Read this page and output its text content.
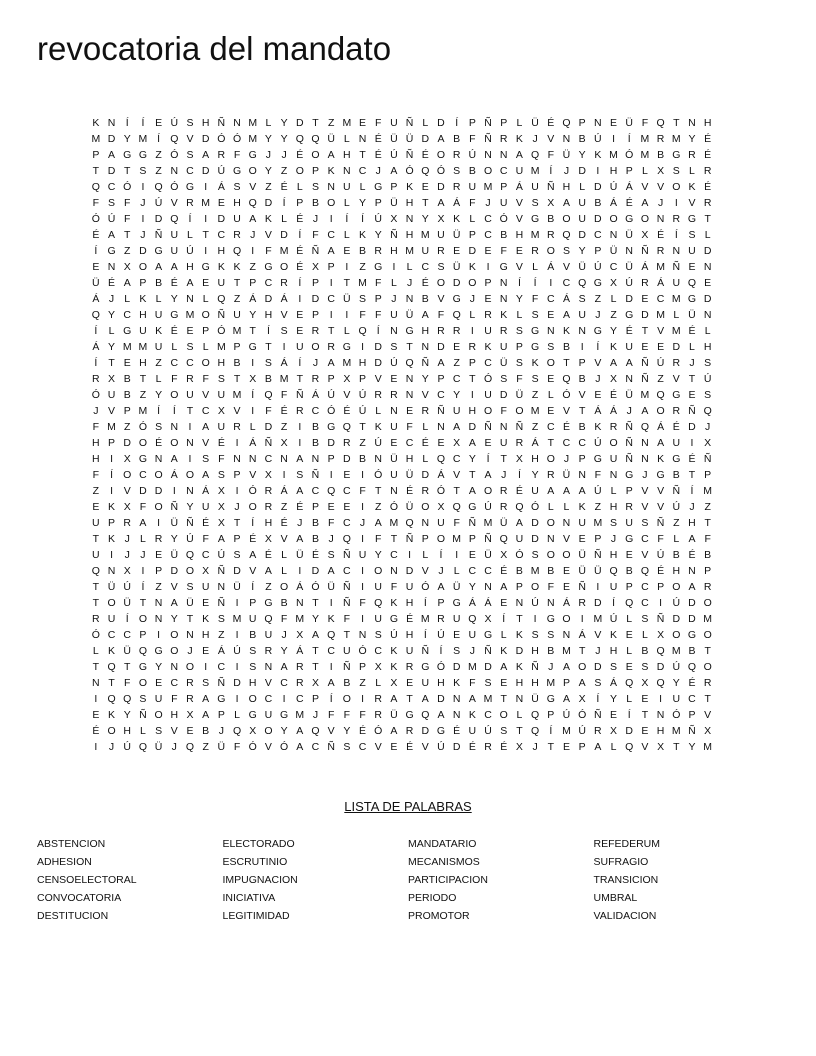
revocatoria del mandato
K N Í	Í	E Ú S H Ñ N M L Y D T Z M E F U Ñ L D Í	P Ñ P L Ü É Q P N E Ü F Q T N H
M D Y M Í Q V D Ó Ó M Y Y Q Q Ü L N É Ü Ü D A B F Ñ R K J V N B Ú I	Í M R M Y É
P A G G Z Ó S A R F G J J É O A H T É Ú Ñ É O R Ú N N A Q F Ü Y K M Ó M B G R É
T D T S Z N C D Ú G O Y Z O P K N C J A Ó Q Ó S B O C U M Í	J D I H P L X S L R
Q C Ó I Q Ó G I	Á S V Z É L S N U L G P K E D R U M P Á U Ñ H L D Ú Á V V O K É
F S F J Ú V R M E H Q D Í	P B O L Y P Ü H T A Á F J U V S X A U B Á É A J	I	V R
Ó Ú F	I D Q Í	I D U A K L É J	I	Í	Í Ú X N Y X K L C Ó V G B O U D O G O N R G T
É A T J Ñ U L T C R J V D Í	F C L K Y Ñ H M U Ü P C B H M R Q D C N Ü X É	Í	S L
Í G Z D G U Ú I H Q I	F M É Ñ A E B R H M U R E D E F E R O S Y P Ü N Ñ R N U D
E N X O A A H G K K Z G O É X P	I	Z G I	L C S Ü K	I G V L Á V Ü Ú C Ü Á M Ñ E N
Ü É A P B É A E U T P C R Í	P	I	T M F L J É O D O P N Í	Í	I C Q G X Ú R Á U Q E
Á J L K L Y N L Q Z Á D Á	I D C Ü S P J N B V G J E N Y F C Á S Z L D E C M G D
Q Y C H U G M O Ñ U Y H V E P	I	I	F F U Ü A F Q L R K L S E A U J Z G D M L Ü N
Í	L G U K É E P Ó M T	Í	S E R T L Q Í N G H R R I U R S G N K N G Y É T V M É L
Á Y M M U L S L M P G T	I U O R G I D S T N D E R K U P G S B	I	Í	K U E E D L H
Í	T E H Z C C O H B	I	S Á	Í	J A M H D Ú Q Ñ A Z P C Ü S K O T P V A A Ñ Ú R J S
R X B T L F R F S T X B M T R P X P V E N Y P C T Ó S F S E Q B J X N Ñ Z V T Ú
Ó U B Z Y O U V U M Í Q F Ñ Á Ú V Ú R R N V C Y	I U D Ü Z L Ó V E É Ü M Q G E S
J V P M Í	Í	T C X V	I	F É R C Ó É Ú L N E R Ñ U H O F O M E V T Á Á J A O R Ñ Q
F M Z Ó S N I	A U R L D Z	I	B G Q T K U F L N A D Ñ N Ñ Z C É B K R Ñ Q Á É D J
H P D O É O N V É	I	Á Ñ X	I	B D R Z Ú E C É E X A E U R Á T C C Ú O Ñ N A U I	X
H I	X G N A	I	S F N N C N A N P D B N Ü H L Q C Y	Í	T X H O J P G U Ñ N K G É Ñ
F	Í O C O Á O A S P V X	I	S Ñ I	E	I Ó U Ü D Á V T A J	Í	Y R Ü N F N G J G B T P
Z	I	V D D I N Á X	I Ó R Á A C Q C F T N É R Ó T A O R É U A A A Ú L P V V Ñ Í M
E K X F O Ñ Y U X J O R Z É P E E	I	Z Ó Ü O X Q G Ú R Q Ó L L K Z H R V V Ú J Z
U P R A	I Ü Ñ É X T	Í H É J B F C J A M Q N U F Ñ M Ü A D O N U M S U S Ñ Z H T
T K J L R Y Ú F A P É X V A B J Q I	F T Ñ P O M P Ñ Q U D N V E P J G C F L A F
U I	J J E Ü Q C Ú S A É L Ü É S Ñ U Y C I	L	Í	I	E Ü X Ó S O O Ü Ñ H E V Ú B É B
Q N X	I	P D O X Ñ D V A L	I D A C I O N D V J L C C É B M B E Ü Ü Q B Q É H N P
T Ü Ú Í	Z V S U N Ü Í	Z O Á Ó Ü Ñ I U F U Ó A Ü Y N A P O F E Ñ I U P C P O A R
T O Ü T N A Ü E Ñ I	P G B N T	I Ñ F Q K H Í	P G Á Á E N Ú N Á R D Í Q C I Ú D O
R U Í O N Y T K S M U Q F M Y K F	I U G É M R U Q X	Í	T	I G O I M Ú L S Ñ D D M
Ó C C P	I O N H Z	I	B U J X A Q T N S Ú H Í Ú E U G L K S S N Á V K E L X O G O
L K Ü Q G O J E Á Ú S R Y Á T C U Ó C K U Ñ Í	S J Ñ K D H B M T J H L B Q M B T
T Q T G Y N O I C I	S N A R T	I Ñ P X K R G Ó D M D A K Ñ J A O D S E S D Ú Q O
N T F O E C R S Ñ D H V C R X A B Z L X E U H K F S E H H M P A S Á Q X Q Y É R
I Q Q S U F R A G I O C I C P	Í O I R A T A D N A M T N Ü G A X	Í	Y L E	I U C T
E K Y Ñ O H X A P L G U G M J F F F R Ü G Q A N K C O L Q P Ú Ó Ñ E	Í	T N Ó P V
É O H L S V E B J Q X O Y A Q V Y É Ó A R D G É U Ú S T Q Í M Ú R X D E H M Ñ X
I	J Ú Q Ü J Q Z Ü F Ó V Ó A C Ñ S C V E É V Ú D É R É X J T E P A L Q V X T Y M
LISTA DE PALABRAS
ABSTENCION
ADHESION
CENSOELECTORAL
CONVOCATORIA
DESTITUCION
ELECTORADO
ESCRUTINIO
IMPUGNACION
INICIATIVA
LEGITIMIDAD
MANDATARIO
MECANISMOS
PARTICIPACION
PERIODO
PROMOTOR
REFEDERUM
SUFRAGIO
TRANSICION
UMBRAL
VALIDACION
